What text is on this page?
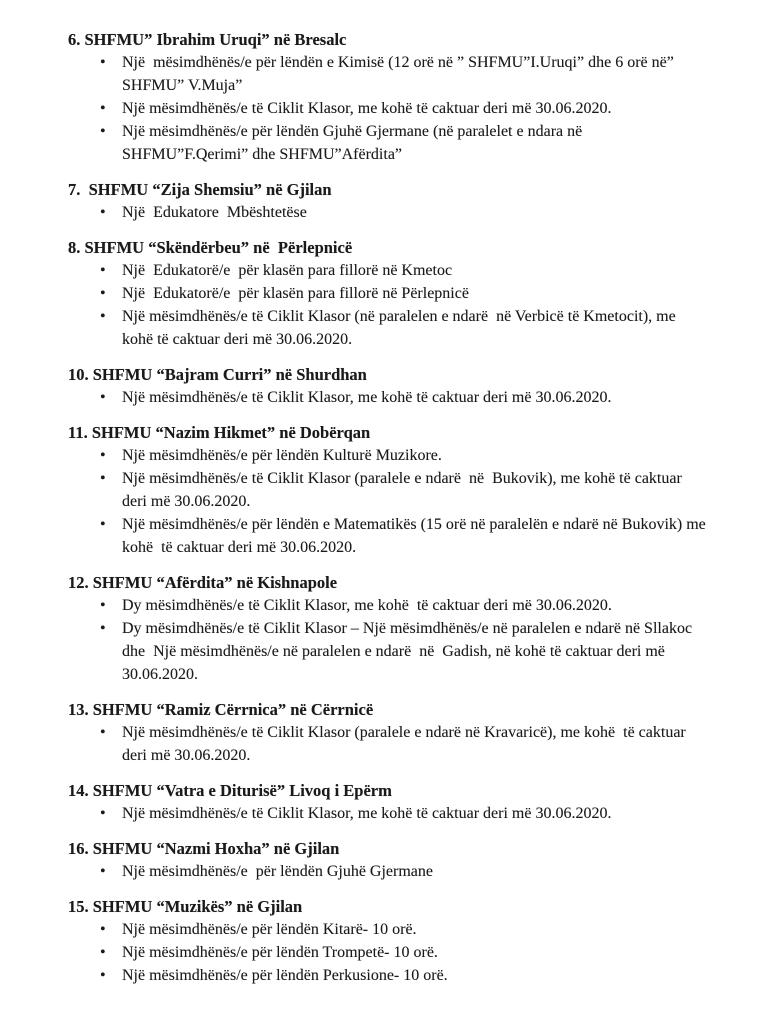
6. SHFMU” Ibrahim Uruqi” në Bresalc
• Një  mësimdhënës/e për lëndën e Kimisë (12 orë në ” SHFMU”I.Uruqi” dhe 6 orë në” SHFMU” V.Muja”
• Një mësimdhënës/e të Ciklit Klasor, me kohë të caktuar deri më 30.06.2020.
• Një mësimdhënës/e për lëndën Gjuhë Gjermane (në paralelet e ndara në SHFMU”F.Qerimi” dhe SHFMU”Afërdita”
7.  SHFMU “Zija Shemsiu” në Gjilan
• Një  Edukatore  Mbështetëse
8. SHFMU “Skëndërbeu” në  Përlepnicë
• Një  Edukatorë/e  për klasën para fillorë në Kmetoc
• Një  Edukatorë/e  për klasën para fillorë në Përlepnicë
• Një mësimdhënës/e të Ciklit Klasor (në paralelen e ndarë  në Verbicë të Kmetocit), me kohë të caktuar deri më 30.06.2020.
10. SHFMU “Bajram Curri” në Shurdhan
• Një mësimdhënës/e të Ciklit Klasor, me kohë të caktuar deri më 30.06.2020.
11. SHFMU “Nazim Hikmet” në Dobërqan
• Një mësimdhënës/e për lëndën Kulturë Muzikore.
• Një mësimdhënës/e të Ciklit Klasor (paralele e ndarë  në  Bukovik), me kohë të caktuar deri më 30.06.2020.
• Një mësimdhënës/e për lëndën e Matematikës (15 orë në paralelën e ndarë në Bukovik) me kohë  të caktuar deri më 30.06.2020.
12. SHFMU “Afërdita” në Kishnapole
• Dy mësimdhënës/e të Ciklit Klasor, me kohë  të caktuar deri më 30.06.2020.
• Dy mësimdhënës/e të Ciklit Klasor – Një mësimdhënës/e në paralelen e ndarë në Sllakoc  dhe  Një mësimdhënës/e në paralelen e ndarë  në  Gadish, në kohë të caktuar deri më 30.06.2020.
13. SHFMU “Ramiz Cërrnica” në Cërrnicë
• Një mësimdhënës/e të Ciklit Klasor (paralele e ndarë në Kravaricë), me kohë  të caktuar deri më 30.06.2020.
14. SHFMU “Vatra e Diturisë” Livoq i Epërm
• Një mësimdhënës/e të Ciklit Klasor, me kohë të caktuar deri më 30.06.2020.
16. SHFMU “Nazmi Hoxha” në Gjilan
• Një mësimdhënës/e  për lëndën Gjuhë Gjermane
15. SHFMU “Muzikës” në Gjilan
• Një mësimdhënës/e për lëndën Kitarë- 10 orë.
• Një mësimdhënës/e për lëndën Trompetë- 10 orë.
• Një mësimdhënës/e për lëndën Perkusione- 10 orë.
